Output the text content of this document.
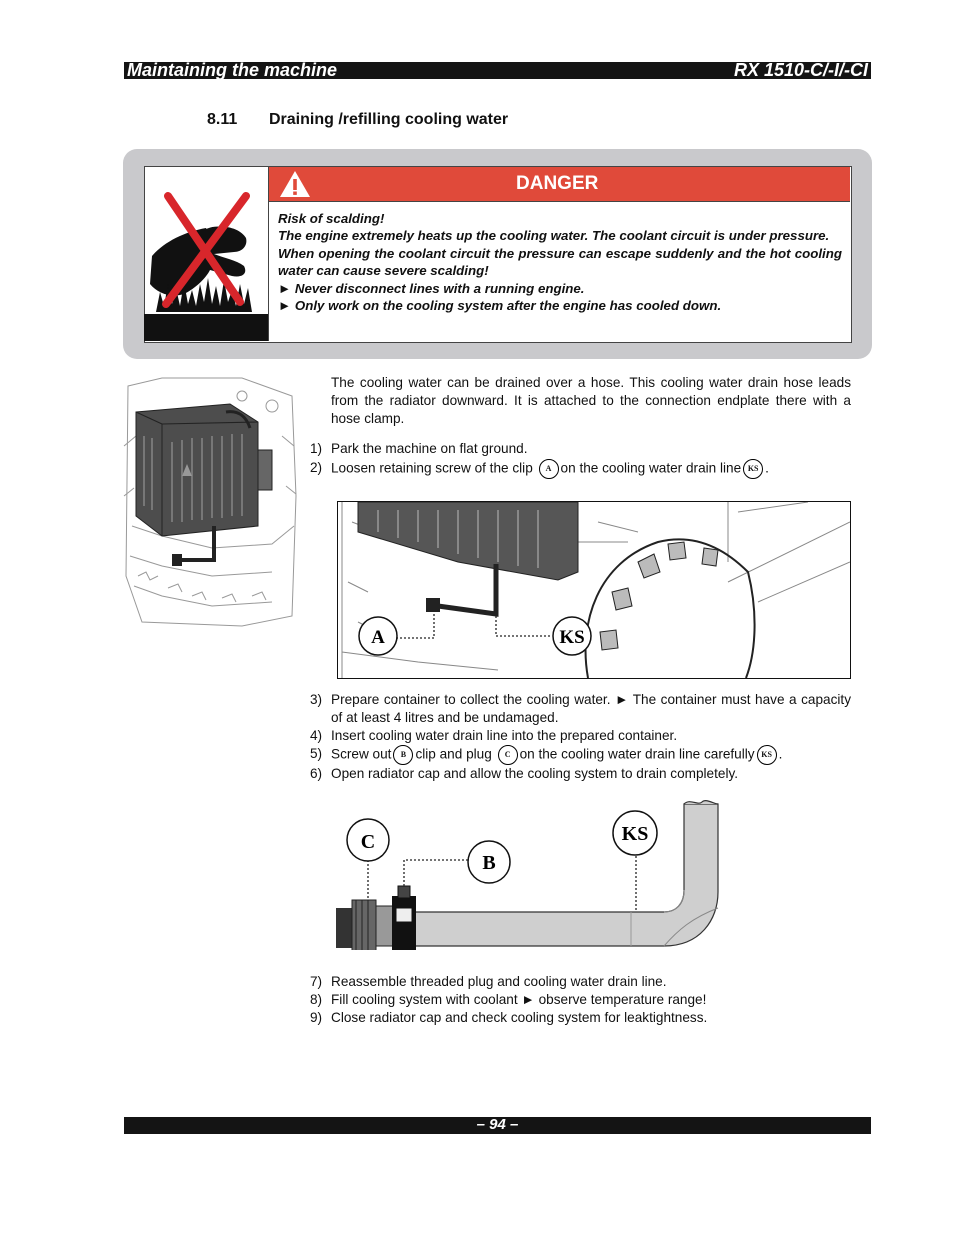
Maintaining the machine	RX 1510-C/-I/-CI
8.11 Draining /refilling cooling water
DANGER

Risk of scalding!

The engine extremely heats up the cooling water. The coolant circuit is under pressure.

When opening the coolant circuit the pressure can escape suddenly and the hot cooling water can cause severe scalding!

► Never disconnect lines with a running engine.

► Only work on the cooling system after the engine has cooled down.

The cooling water can be drained over a hose. This cooling water drain hose leads from the radiator downward. It is attached to the connection endplate there with a hose clamp.

1) Park the machine on flat ground.
2) Loosen retaining screw of the clip A on the cooling water drain line KS .
A	KS
3) Prepare container to collect the cooling water. ► The container must have a capacity of at least 4 litres and be undamaged.
4) Insert cooling water drain line into the prepared container.
5) Screw out B clip and plug C on the cooling water drain line carefully KS .
6) Open radiator cap and allow the cooling system to drain completely.
C
B
KS
7) Reassemble threaded plug and cooling water drain line.
8) Fill cooling system with coolant ► observe temperature range!
9) Close radiator cap and check cooling system for leaktightness.
– 94 –
